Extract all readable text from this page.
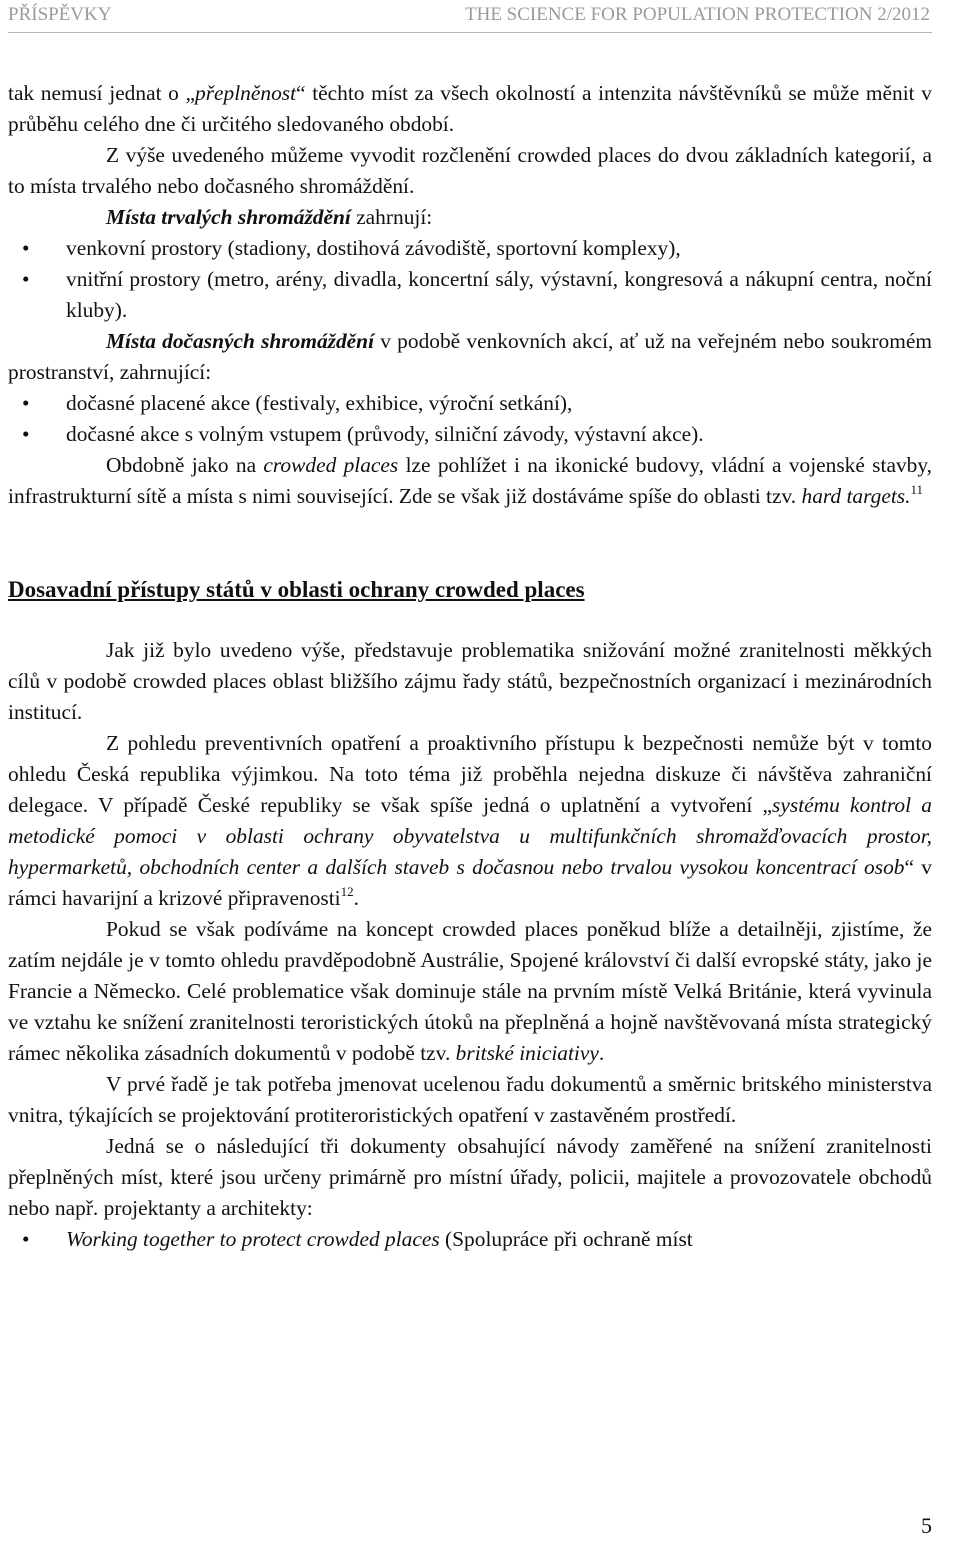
PŘÍSPĚVKY	THE SCIENCE FOR POPULATION PROTECTION 2/2012

tak nemusí jednat o „přeplněnost“ těchto míst za všech okolností a intenzita návštěvníků se může měnit v průběhu celého dne či určitého sledovaného období.

Z výše uvedeného můžeme vyvodit rozčlenění crowded places do dvou základních kategorií, a to místa trvalého nebo dočasného shromáždění.

Místa trvalých shromáždění zahrnují:

• venkovní prostory (stadiony, dostihová závodiště, sportovní komplexy),
• vnitřní prostory (metro, arény, divadla, koncertní sály, výstavní, kongresová a nákupní centra, noční kluby).

Místa dočasných shromáždění v podobě venkovních akcí, ať už na veřejném nebo soukromém prostranství, zahrnující:

• dočasné placené akce (festivaly, exhibice, výroční setkání),
• dočasné akce s volným vstupem (průvody, silniční závody, výstavní akce).

Obdobně jako na crowded places lze pohlížet i na ikonické budovy, vládní a vojenské stavby, infrastrukturní sítě a místa s nimi související. Zde se však již dostáváme spíše do oblasti tzv. hard targets.$^{11}$

Dosavadní přístupy států v oblasti ochrany crowded places

Jak již bylo uvedeno výše, představuje problematika snižování možné zranitelnosti měkkých cílů v podobě crowded places oblast bližšího zájmu řady států, bezpečnostních organizací i mezinárodních institucí.

Z pohledu preventivních opatření a proaktivního přístupu k bezpečnosti nemůže být v tomto ohledu Česká republika výjimkou. Na toto téma již proběhla nejedna diskuze či návštěva zahraniční delegace. V případě České republiky se však spíše jedná o uplatnění a vytvoření „systému kontrol a metodické pomoci v oblasti ochrany obyvatelstva u multifunkčních shromažďovacích prostor, hypermarketů, obchodních center a dalších staveb s dočasnou nebo trvalou vysokou koncentrací osob“ v rámci havarijní a krizové připravenosti$^{12}$.

Pokud se však podíváme na koncept crowded places poněkud blíže a detailněji, zjistíme, že zatím nejdále je v tomto ohledu pravděpodobně Austrálie, Spojené království či další evropské státy, jako je Francie a Německo. Celé problematice však dominuje stále na prvním místě Velká Británie, která vyvinula ve vztahu ke snížení zranitelnosti teroristických útoků na přeplněná a hojně navštěvovaná místa strategický rámec několika zásadních dokumentů v podobě tzv. britské iniciativy.

V prvé řadě je tak potřeba jmenovat ucelenou řadu dokumentů a směrnic britského ministerstva vnitra, týkajících se projektování protiteroristických opatření v zastavěném prostředí.

Jedná se o následující tři dokumenty obsahující návody zaměřené na snížení zranitelnosti přeplněných míst, které jsou určeny primárně pro místní úřady, policii, majitele a provozovatele obchodů nebo např. projektanty a architekty:

• Working together to protect crowded places (Spolupráce při ochraně míst
5
